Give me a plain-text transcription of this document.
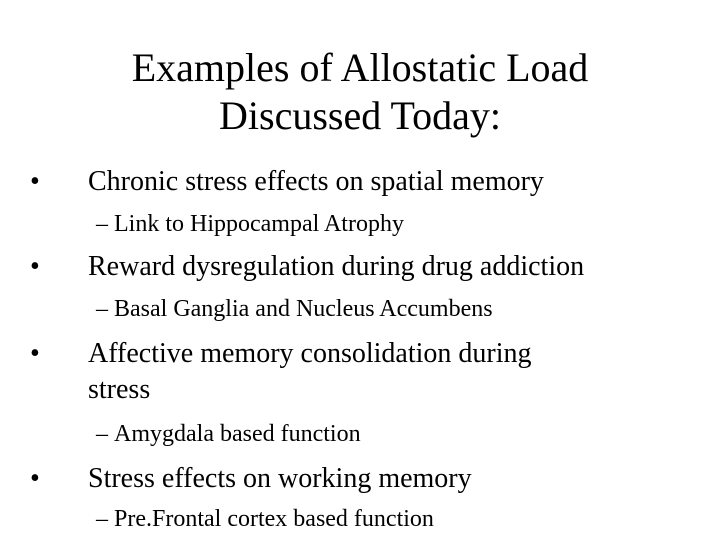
Examples of Allostatic Load
Discussed Today:
•	Chronic stress effects on spatial memory
– Link to Hippocampal Atrophy
•	Reward dysregulation during drug addiction
– Basal Ganglia and Nucleus Accumbens
•	Affective memory consolidation during
stress
– Amygdala based function
•	Stress effects on working memory
– Pre.Frontal cortex based function
